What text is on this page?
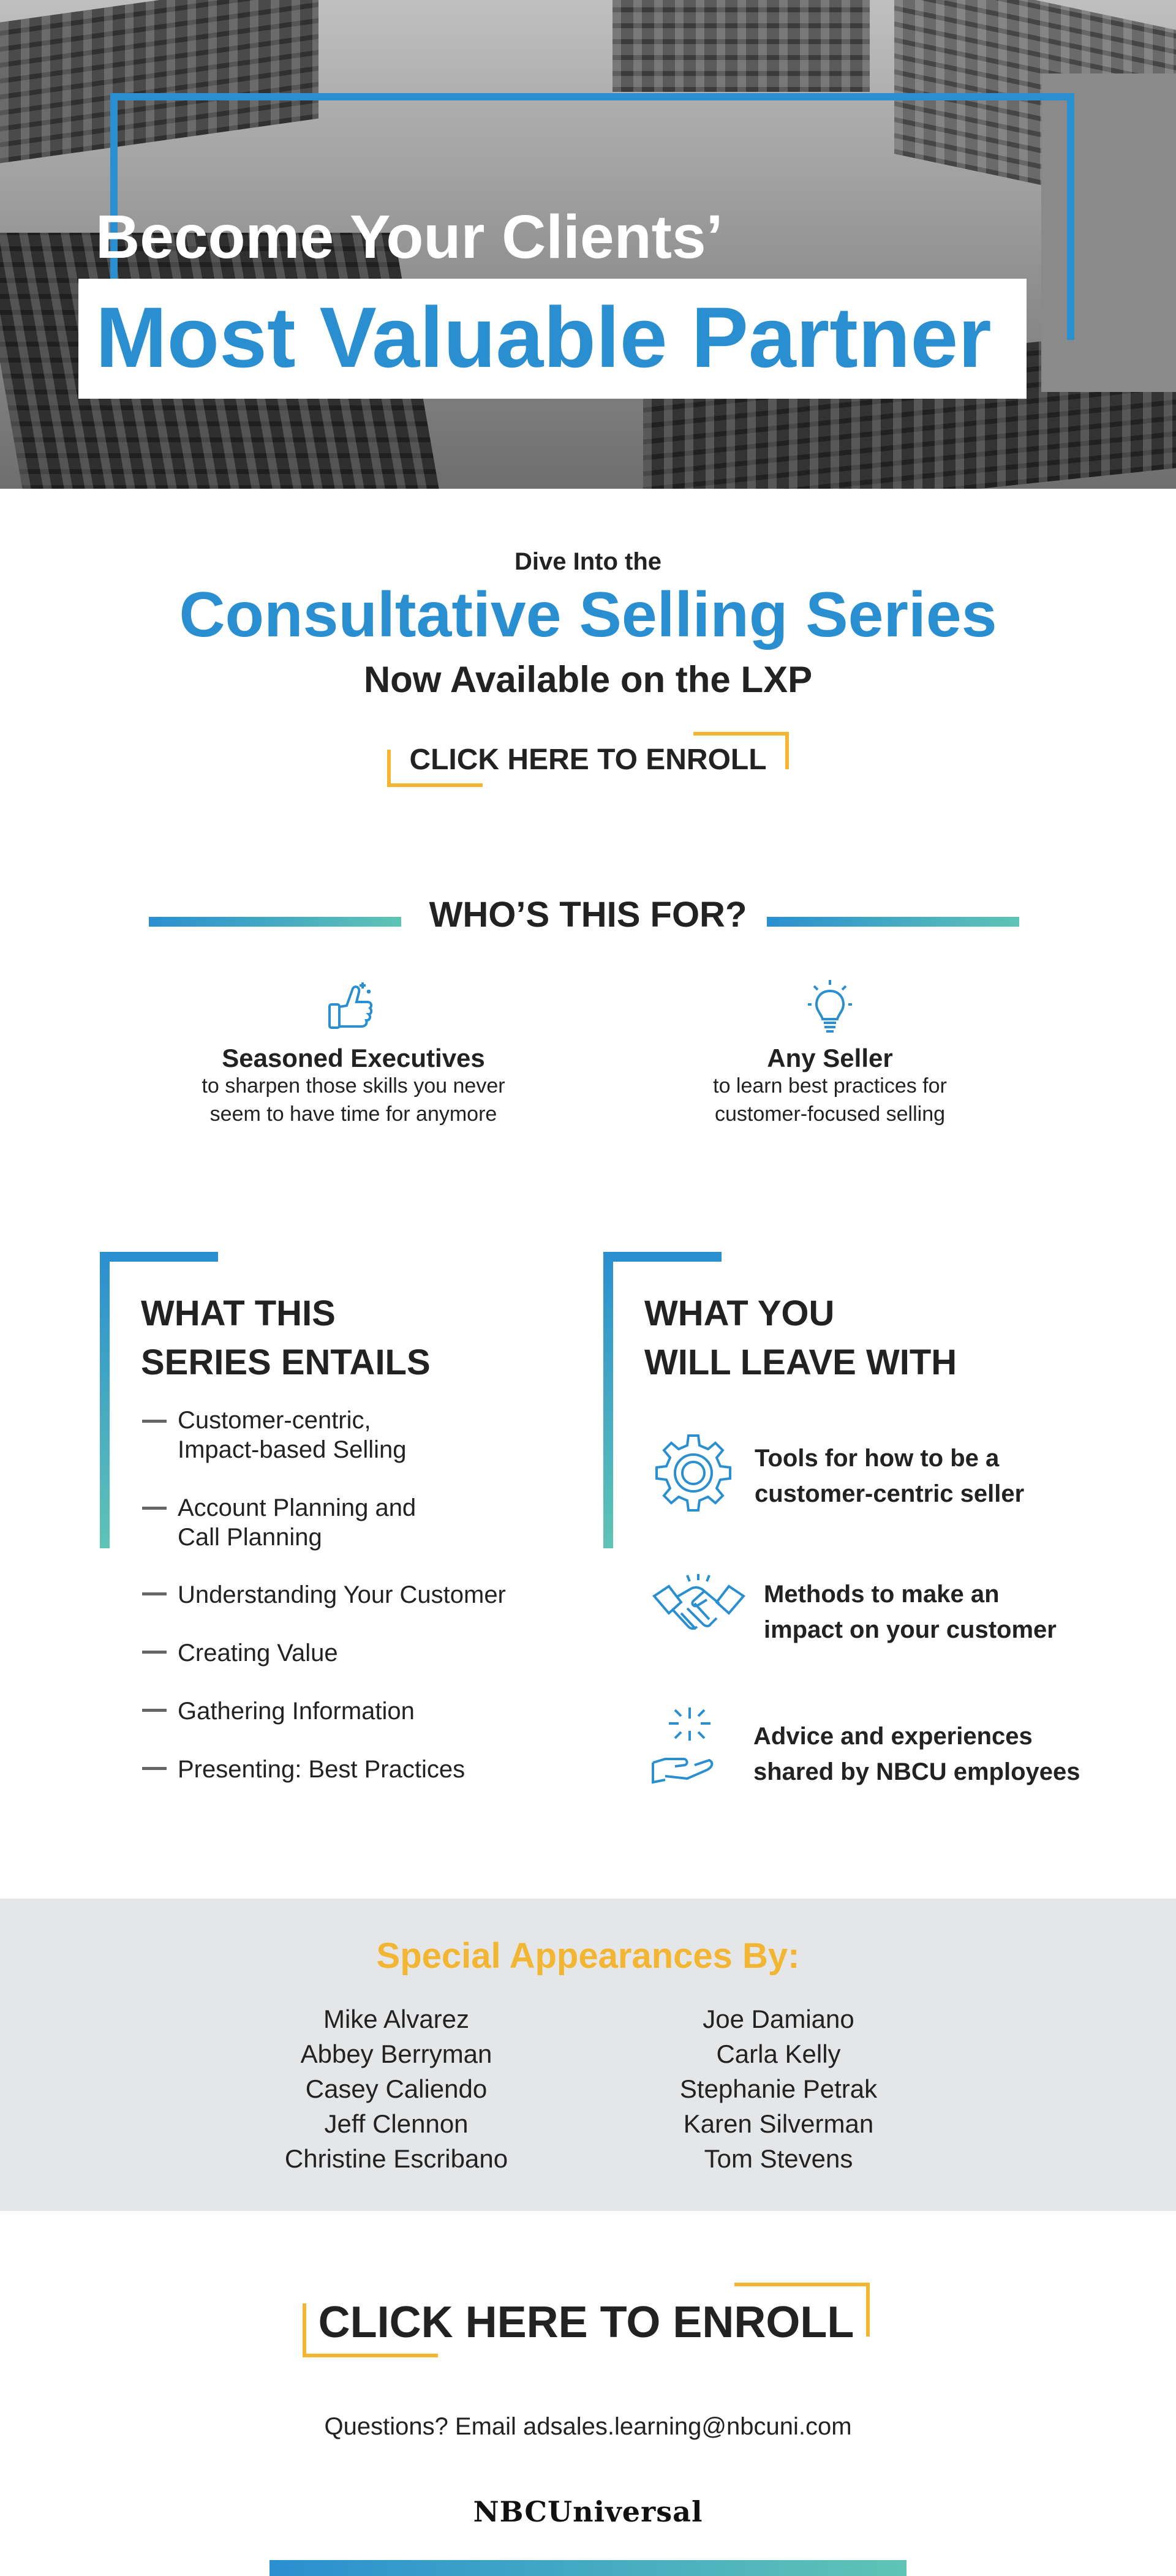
Become Your Clients’
Most Valuable Partner
Dive Into the
Consultative Selling Series
Now Available on the LXP
CLICK HERE TO ENROLL
WHO’S THIS FOR?
Seasoned Executives
to sharpen those skills you never
seem to have time for anymore
Any Seller
to learn best practices for
customer-focused selling
WHAT THIS
SERIES ENTAILS
Customer-centric,
Impact-based Selling
Account Planning and
Call Planning
Understanding Your Customer
Creating Value
Gathering Information
Presenting: Best Practices
WHAT YOU
WILL LEAVE WITH
Tools for how to be a
customer-centric seller
Methods to make an
impact on your customer
Advice and experiences
shared by NBCU employees
Special Appearances By:
Mike Alvarez
Abbey Berryman
Casey Caliendo
Jeff Clennon
Christine Escribano
Joe Damiano
Carla Kelly
Stephanie Petrak
Karen Silverman
Tom Stevens
CLICK HERE TO ENROLL
Questions? Email adsales.learning@nbcuni.com
NBCUniversal
